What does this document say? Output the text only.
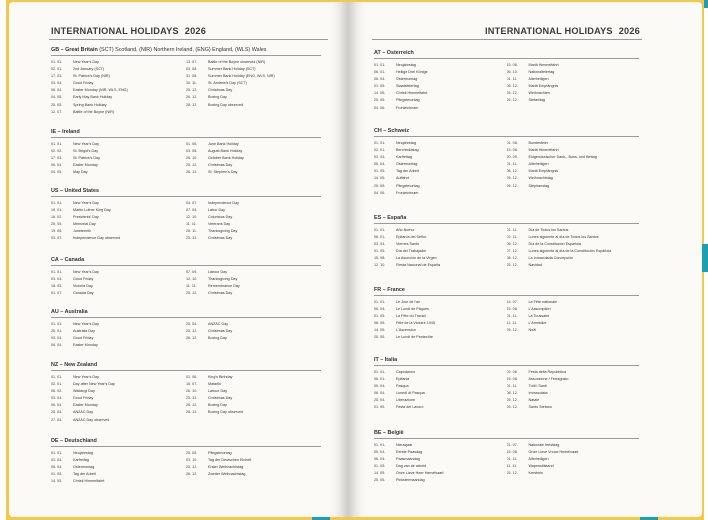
INTERNATIONAL HOLIDAYS 2026
GB – Great Britain (SCT) Scotland, (NIR) Northern Ireland, (ENG) England, (WLS) Wales
01. 01.	New Year's Day
02. 01.	2nd January (SCT)
17. 03.	St. Patrick's Day (NIR)
03. 04.	Good Friday
06. 04.	Easter Monday (NIR, WLS, ENG)
04. 05.	Early May Bank Holiday
25. 05.	Spring Bank Holiday
12. 07.	Battle of the Boyne (NIR)
13. 07.	Battle of the Boyne observed (NIR)
03. 08.	Summer Bank Holiday (SCT)
31. 08.	Summer Bank Holiday (ENG, WLS, NIR)
30. 11.	St. Andrew's Day (SCT)
25. 12.	Christmas Day
26. 12.	Boxing Day
28. 12.	Boxing Day observed
IE – Ireland
01. 01.	New Year's Day
02. 02.	St. Brigid's Day
17. 03.	St. Patrick's Day
06. 04.	Easter Monday
04. 05.	May Day
01. 06.	June Bank Holiday
03. 08.	August Bank Holiday
26. 10.	October Bank Holiday
25. 12.	Christmas Day
26. 12.	St. Stephen's Day
US – United States
01. 01.	New Year's Day
19. 01.	Martin Luther King Day
16. 02.	Presidents' Day
25. 05.	Memorial Day
19. 06.	Juneteenth
03. 07.	Independence Day observed
04. 07.	Independence Day
07. 09.	Labor Day
12. 10.	Columbus Day
11. 11.	Veterans Day
26. 11.	Thanksgiving Day
25. 12.	Christmas Day
CA – Canada
01. 01.	New Year's Day
03. 04.	Good Friday
18. 05.	Victoria Day
01. 07.	Canada Day
07. 09.	Labour Day
12. 10.	Thanksgiving Day
11. 11.	Remembrance Day
25. 12.	Christmas Day
AU – Australia
01. 01.	New Year's Day
26. 01.	Australia Day
03. 04.	Good Friday
06. 04.	Easter Monday
25. 04.	ANZAC Day
25. 12.	Christmas Day
26. 12.	Boxing Day
NZ – New Zealand
01. 01.	New Year's Day
02. 01.	Day after New Year's Day
06. 02.	Waitangi Day
03. 04.	Good Friday
06. 04.	Easter Monday
25. 04.	ANZAC Day
27. 04.	ANZAC Day observed
01. 06.	King's Birthday
10. 07.	Matariki
26. 10.	Labour Day
25. 12.	Christmas Day
26. 12.	Boxing Day
28. 12.	Boxing Day observed
DE – Deutschland
01. 01.	Neujahrstag
03. 04.	Karfreitag
06. 04.	Ostermontag
01. 05.	Tag der Arbeit
14. 05.	Christi Himmelfahrt
25. 05.	Pfingstmontag
03. 10.	Tag der Deutschen Einheit
25. 12.	Erster Weihnachtstag
26. 12.	Zweiter Weihnachtstag
INTERNATIONAL HOLIDAYS 2026
AT – Österreich
01. 01.	Neujahrstag
06. 01.	Heilige Drei Könige
06. 04.	Ostermontag
01. 05.	Staatsfeiertag
14. 05.	Christi Himmelfahrt
25. 05.	Pfingstmontag
04. 06.	Fronleichnam
15. 08.	Mariä Himmelfahrt
26. 10.	Nationalfeiertag
01. 11.	Allerheiligen
08. 12.	Mariä Empfängnis
25. 12.	Weihnachten
26. 12.	Stefanitag
CH – Schweiz
01. 01.	Neujahrstag
02. 01.	Berchtoldstag
03. 04.	Karfreitag
06. 04.	Ostermontag
01. 05.	Tag der Arbeit
14. 05.	Auffahrt
25. 05.	Pfingstmontag
04. 06.	Fronleichnam
01. 08.	Bundesfeier
15. 08.	Mariä Himmelfahrt
20. 09.	Eidgenössischer Dank-, Buss- und Bettag
01. 11.	Allerheiligen
08. 12.	Mariä Empfängnis
25. 12.	Weihnachtstag
26. 12.	Stephanstag
ES – España
01. 01.	Año Nuevo
06. 01.	Epifanía del Señor
03. 04.	Viernes Santo
01. 05.	Día del Trabajador
15. 08.	La Asunción de la Virgen
12. 10.	Fiesta Nacional de España
01. 11.	Día de Todos los Santos
02. 11.	Lunes siguiente al día de Todos los Santos
06. 12.	Día de la Constitución Española
07. 12.	Lunes siguiente al día de la Constitución Española
08. 12.	La Inmaculada Concepción
25. 12.	Navidad
FR – France
01. 01.	Le Jour de l'an
06. 04.	Le Lundi de Pâques
01. 05.	La Fête du Travail
08. 05.	Fête de la Victoire 1945
14. 05.	L'Ascension
25. 05.	Le Lundi de Pentecôte
14. 07.	La Fête nationale
15. 08.	L'Assomption
01. 11.	La Toussaint
11. 11.	L'Armistice
25. 12.	Noël
IT – Italia
01. 01.	Capodanno
06. 01.	Epifania
05. 04.	Pasqua
06. 04.	Lunedì di Pasqua
25. 04.	Liberazione
01. 05.	Festa del Lavoro
02. 06.	Festa della Repubblica
15. 08.	Assunzione / Ferragosto
01. 11.	Tutti i Santi
08. 12.	Immacolata
25. 12.	Natale
26. 12.	Santo Stefano
BE – België
01. 01.	Nieuwjaar
05. 04.	Eerste Paasdag
06. 04.	Paasmaandag
01. 05.	Dag van de arbeid
14. 05.	Onze Lieve Heer Hemelvaart
25. 05.	Pinkstermaandag
21. 07.	Nationale feestdag
15. 08.	Onze Lieve Vrouw Hemelvaart
01. 11.	Allerheiligen
11. 11.	Wapenstilstand
25. 12.	Kerstmis
